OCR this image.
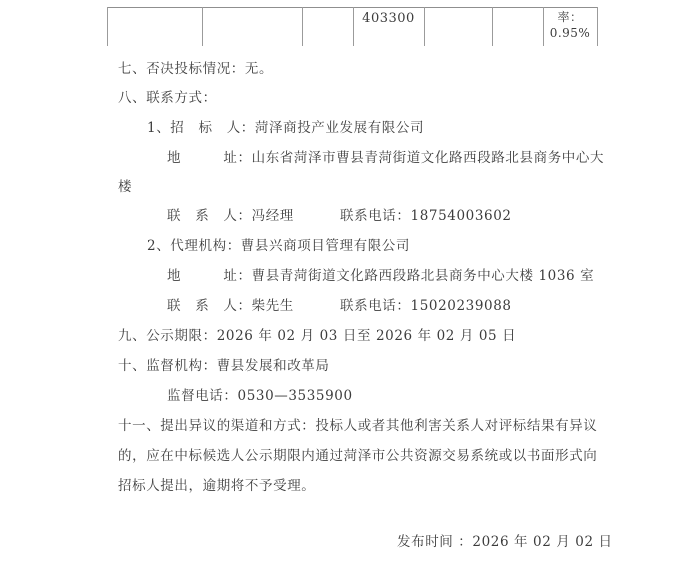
403300	率：
0.95%
七、否决投标情况：无。
八、联系方式：
1、招　标　人：菏泽商投产业发展有限公司
地　　　址：山东省菏泽市曹县青菏街道文化路西段路北县商务中心大
楼
联　系　人：冯经理	联系电话：18754003602
2、代理机构：曹县兴商项目管理有限公司
地　　　址：曹县青菏街道文化路西段路北县商务中心大楼 1036 室
联　系　人：柴先生	联系电话：15020239088
九、公示期限：2026 年 02 月 03 日至 2026 年 02 月 05 日
十、监督机构：曹县发展和改革局
监督电话：0530—3535900
十一、提出异议的渠道和方式：投标人或者其他利害关系人对评标结果有异议
的，应在中标候选人公示期限内通过菏泽市公共资源交易系统或以书面形式向
招标人提出，逾期将不予受理。
发布时间 ：2026 年 02 月 02 日
